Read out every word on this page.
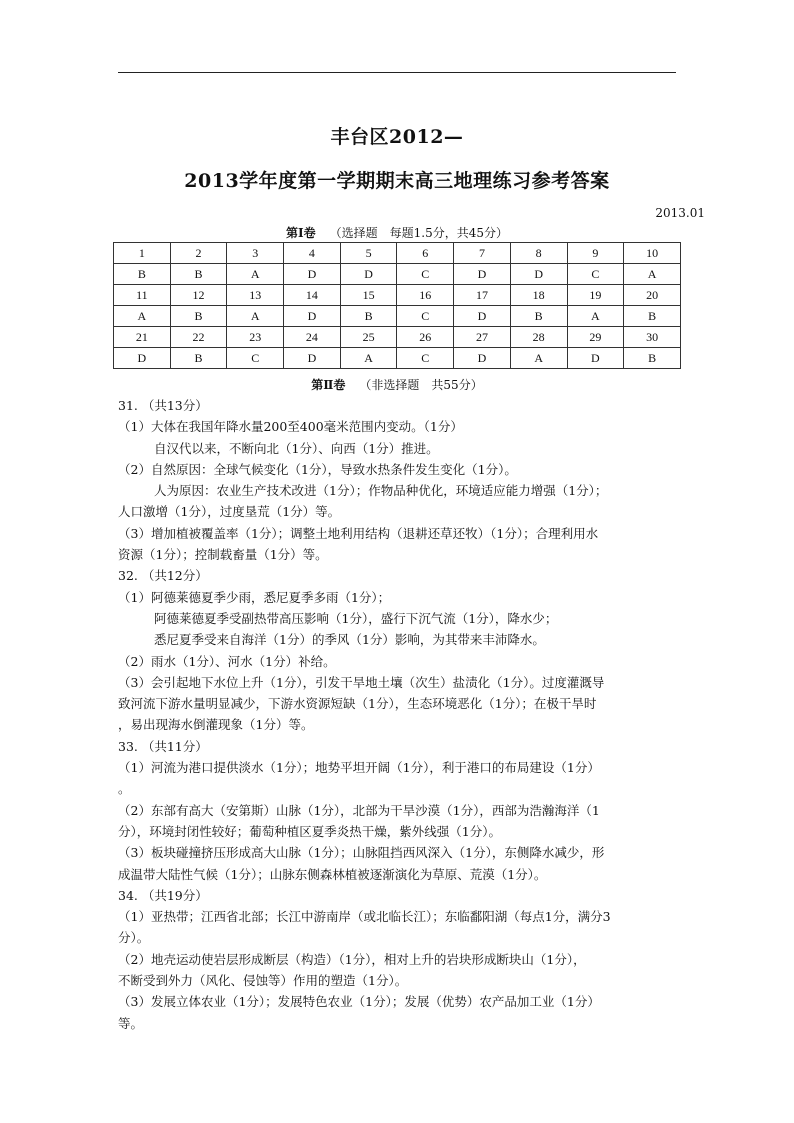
丰台区2012—
2013学年度第一学期期末高三地理练习参考答案
2013.01
第Ⅰ卷 （选择题　每题1.5分，共45分）
1	2	3	4	5	6	7	8	9	10
B	B	A	D	D	C	D	D	C	A
11	12	13	14	15	16	17	18	19	20
A	B	A	D	B	C	D	B	A	B
21	22	23	24	25	26	27	28	29	30
D	B	C	D	A	C	D	A	D	B
第Ⅱ卷 （非选择题　共55分）

31. （共13分）

（1）大体在我国年降水量200至400毫米范围内变动。（1分）

自汉代以来，不断向北（1分）、向西（1分）推进。

（2）自然原因：全球气候变化（1分），导致水热条件发生变化（1分）。

人为原因：农业生产技术改进（1分）；作物品种优化，环境适应能力增强（1分）；

人口激增（1分），过度垦荒（1分）等。

（3）增加植被覆盖率（1分）；调整土地利用结构（退耕还草还牧）（1分）；合理利用水

资源（1分）；控制载畜量（1分）等。

32. （共12分）

（1）阿德莱德夏季少雨，悉尼夏季多雨（1分）；

阿德莱德夏季受副热带高压影响（1分），盛行下沉气流（1分），降水少；

悉尼夏季受来自海洋（1分）的季风（1分）影响，为其带来丰沛降水。

（2）雨水（1分）、河水（1分）补给。

（3）会引起地下水位上升（1分），引发干旱地土壤（次生）盐渍化（1分）。过度灌溉导

致河流下游水量明显减少，下游水资源短缺（1分），生态环境恶化（1分）；在极干旱时

，易出现海水倒灌现象（1分）等。

33. （共11分）

（1）河流为港口提供淡水（1分）；地势平坦开阔（1分），利于港口的布局建设（1分）

。

（2）东部有高大（安第斯）山脉（1分），北部为干旱沙漠（1分），西部为浩瀚海洋（1

分），环境封闭性较好；葡萄种植区夏季炎热干燥，紫外线强（1分）。

（3）板块碰撞挤压形成高大山脉（1分）；山脉阻挡西风深入（1分），东侧降水减少，形

成温带大陆性气候（1分）；山脉东侧森林植被逐渐演化为草原、荒漠（1分）。

34. （共19分）

（1）亚热带；江西省北部；长江中游南岸（或北临长江）；东临鄱阳湖（每点1分，满分3

分）。

（2）地壳运动使岩层形成断层（构造）（1分），相对上升的岩块形成断块山（1分），

不断受到外力（风化、侵蚀等）作用的塑造（1分）。

（3）发展立体农业（1分）；发展特色农业（1分）；发展（优势）农产品加工业（1分）

等。
